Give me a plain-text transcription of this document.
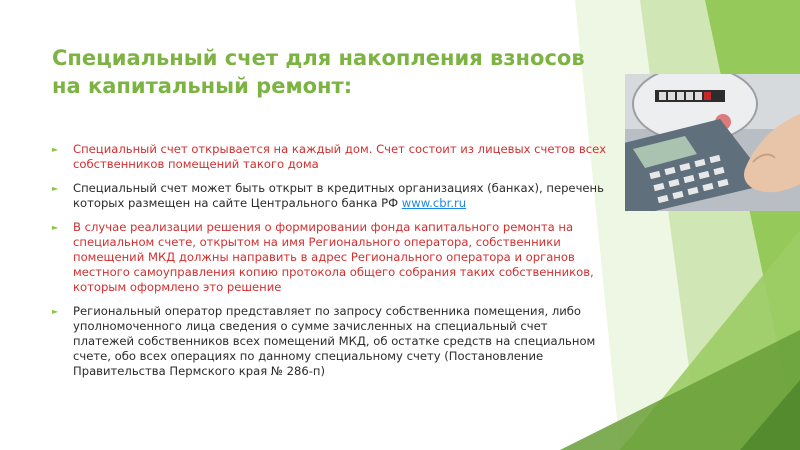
Специальный счет для накопления взносов на капитальный ремонт:
► Специальный счет открывается на каждый дом. Счет состоит из лицевых счетов всех собственников помещений такого дома
► Специальный счет может быть открыт в кредитных организациях (банках), перечень которых размещен на сайте Центрального банка РФ www.cbr.ru
► В случае реализации решения о формировании фонда капитального ремонта на специальном счете, открытом на имя Регионального оператора, собственники помещений МКД должны направить в адрес Регионального оператора и органов местного самоуправления копию протокола общего собрания таких собственников, которым оформлено это решение
► Региональный оператор представляет по запросу собственника помещения, либо уполномоченного лица сведения о сумме зачисленных на специальный счет платежей собственников всех помещений МКД, об остатке средств на специальном счете, обо всех операциях по данному специальному счету (Постановление Правительства Пермского края № 286-п)
